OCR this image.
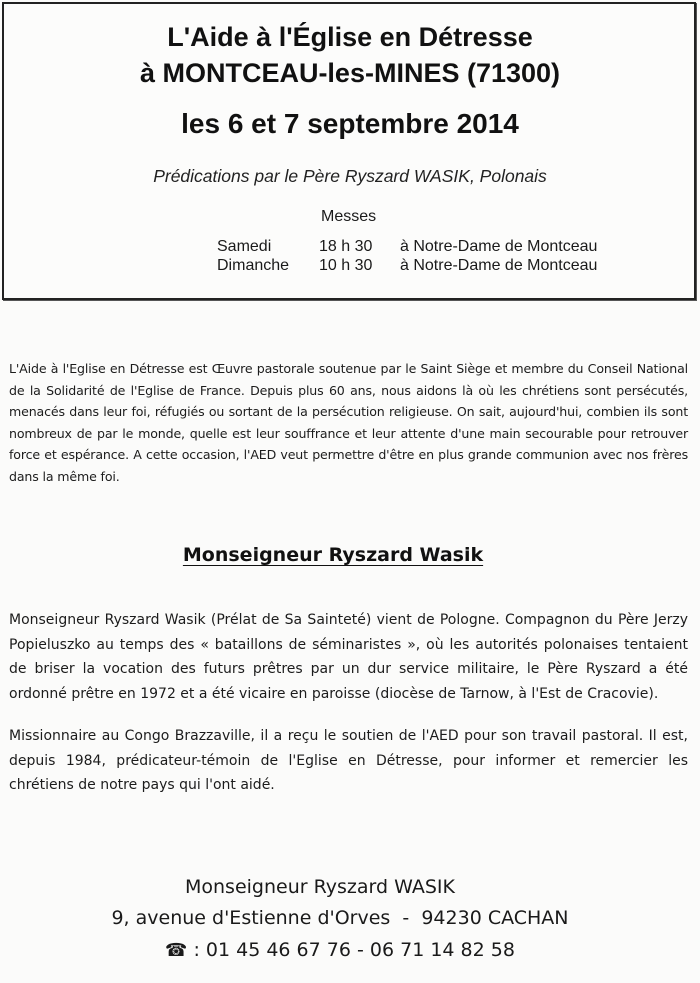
L'Aide à l'Église en Détresse
à MONTCEAU-les-MINES (71300)
les 6 et 7 septembre 2014
Prédications par le Père Ryszard WASIK, Polonais
Messes
Samedi	18 h 30 à Notre-Dame de Montceau
Dimanche 10 h 30 à Notre-Dame de Montceau

L'Aide à l'Eglise en Détresse est Œuvre pastorale soutenue par le Saint Siège et membre du Conseil National de la Solidarité de l'Eglise de France. Depuis plus 60 ans, nous aidons là où les chrétiens sont persécutés, menacés dans leur foi, réfugiés ou sortant de la persécution religieuse. On sait, aujourd'hui, combien ils sont nombreux de par le monde, quelle est leur souffrance et leur attente d'une main secourable pour retrouver force et espérance. A cette occasion, l'AED veut permettre d'être en plus grande communion avec nos frères dans la même foi.

Monseigneur Ryszard Wasik

Monseigneur Ryszard Wasik (Prélat de Sa Sainteté) vient de Pologne. Compagnon du Père Jerzy Popieluszko au temps des « bataillons de séminaristes », où les autorités polonaises tentaient de briser la vocation des futurs prêtres par un dur service militaire, le Père Ryszard a été ordonné prêtre en 1972 et a été vicaire en paroisse (diocèse de Tarnow, à l'Est de Cracovie).

Missionnaire au Congo Brazzaville, il a reçu le soutien de l'AED pour son travail pastoral. Il est, depuis 1984, prédicateur-témoin de l'Eglise en Détresse, pour informer et remercier les chrétiens de notre pays qui l'ont aidé.

Monseigneur Ryszard WASIK
9, avenue d'Estienne d'Orves  -  94230 CACHAN
☎ : 01 45 46 67 76 - 06 71 14 82 58
